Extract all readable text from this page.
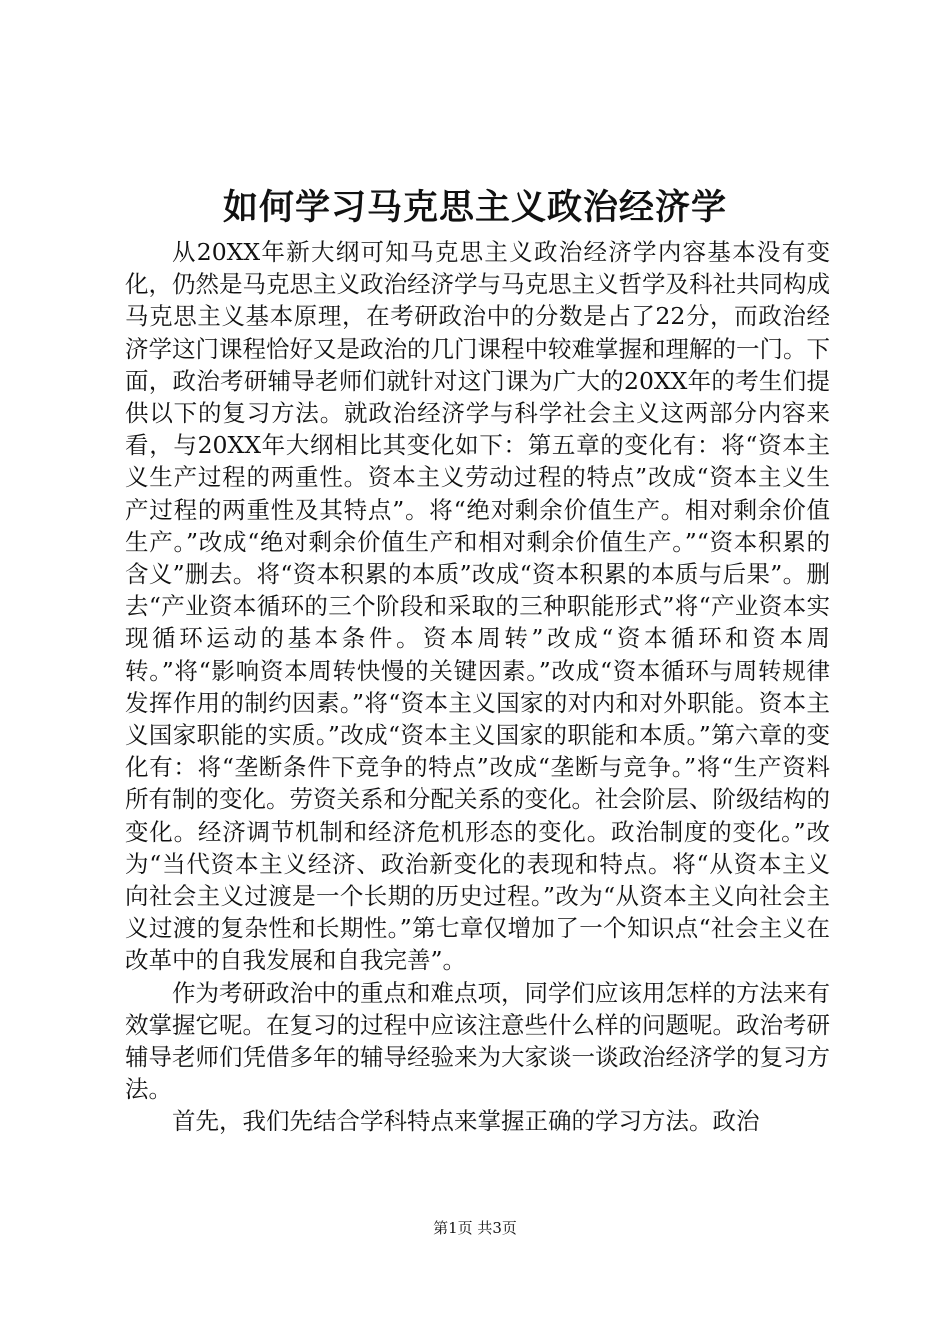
如何学习马克思主义政治经济学

从20XX年新大纲可知马克思主义政治经济学内容基本没有变化，仍然是马克思主义政治经济学与马克思主义哲学及科社共同构成马克思主义基本原理，在考研政治中的分数是占了22分，而政治经济学这门课程恰好又是政治的几门课程中较难掌握和理解的一门。下面，政治考研辅导老师们就针对这门课为广大的20XX年的考生们提供以下的复习方法。就政治经济学与科学社会主义这两部分内容来看，与20XX年大纲相比其变化如下：第五章的变化有：将“资本主义生产过程的两重性。资本主义劳动过程的特点”改成“资本主义生产过程的两重性及其特点”。将“绝对剩余价值生产。相对剩余价值生产。”改成“绝对剩余价值生产和相对剩余价值生产。”“资本积累的含义”删去。将“资本积累的本质”改成“资本积累的本质与后果”。删去“产业资本循环的三个阶段和采取的三种职能形式”将“产业资本实现循环运动的基本条件。资本周转”改成“资本循环和资本周转。”将“影响资本周转快慢的关键因素。”改成“资本循环与周转规律发挥作用的制约因素。”将“资本主义国家的对内和对外职能。资本主义国家职能的实质。”改成“资本主义国家的职能和本质。”第六章的变化有：将“垄断条件下竞争的特点”改成“垄断与竞争。”将“生产资料所有制的变化。劳资关系和分配关系的变化。社会阶层、阶级结构的变化。经济调节机制和经济危机形态的变化。政治制度的变化。”改为“当代资本主义经济、政治新变化的表现和特点。将“从资本主义向社会主义过渡是一个长期的历史过程。”改为“从资本主义向社会主义过渡的复杂性和长期性。”第七章仅增加了一个知识点“社会主义在改革中的自我发展和自我完善”。

作为考研政治中的重点和难点项，同学们应该用怎样的方法来有效掌握它呢。在复习的过程中应该注意些什么样的问题呢。政治考研辅导老师们凭借多年的辅导经验来为大家谈一谈政治经济学的复习方法。

首先，我们先结合学科特点来掌握正确的学习方法。政治

第1页 共3页
